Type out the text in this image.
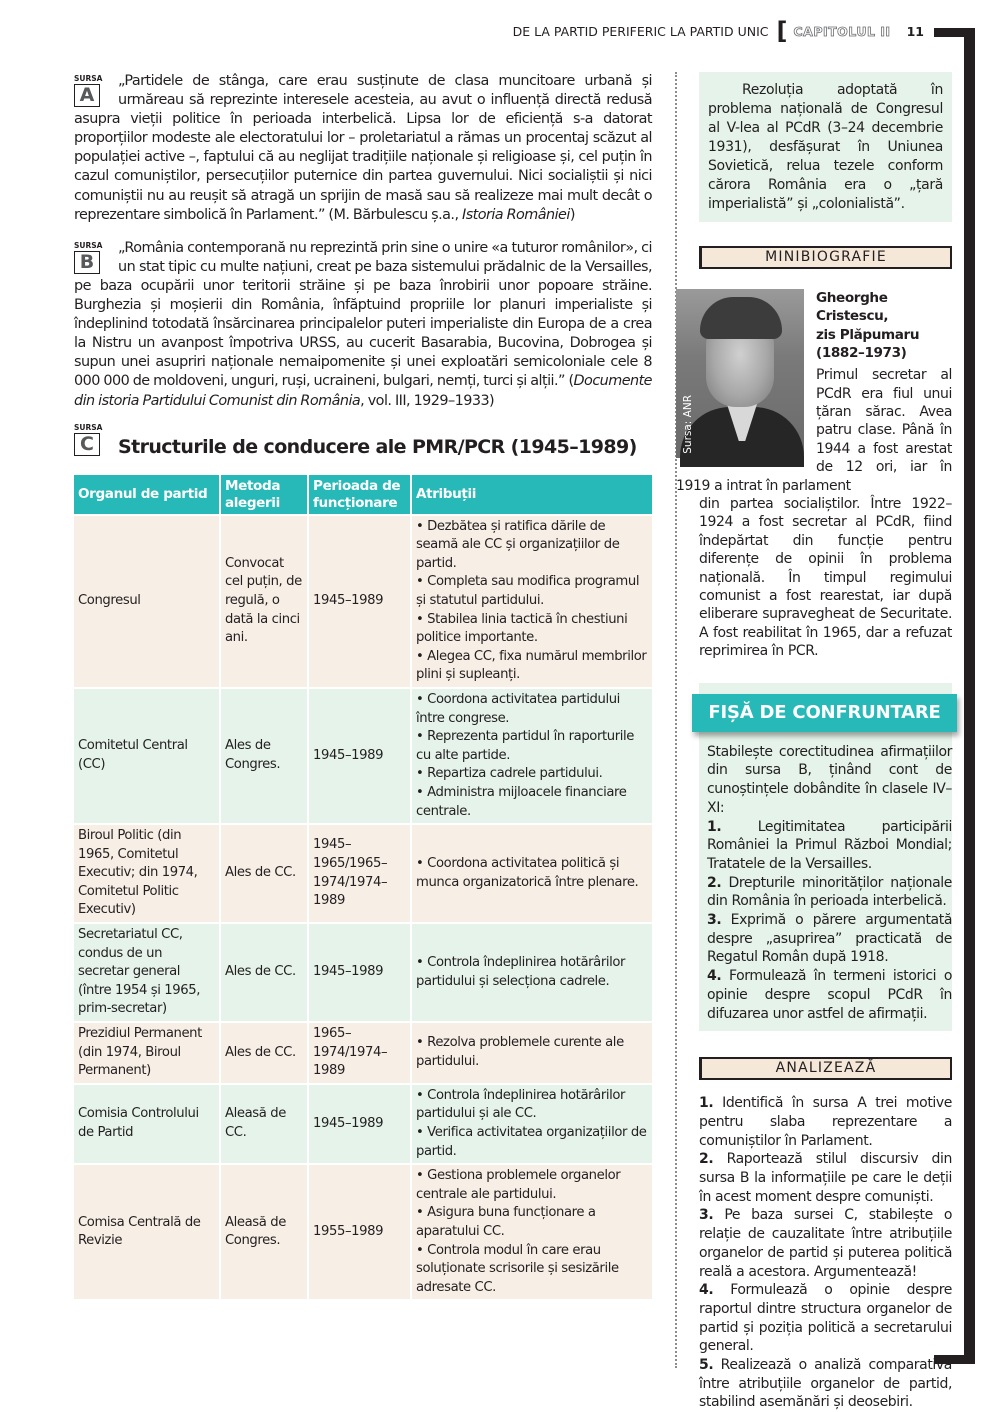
DE LA PARTID PERIFERIC LA PARTID UNIC [ CAPITOLUL II 11
SURSA
A
„Partidele de stânga, care erau susținute de clasa muncitoare urbană și urmăreau să reprezinte interesele acesteia, au avut o influență directă redusă asupra vieții politice în perioada interbelică. Lipsa lor de eficiență s-a datorat proporțiilor modeste ale electoratului lor – proletariatul a rămas un procentaj scăzut al populației active –, faptului că au neglijat tradițiile naționale și religioase și, cel puțin în cazul comuniștilor, persecuțiilor puternice din partea guvernului. Nici socialiștii și nici comuniștii nu au reușit să atragă un sprijin de masă sau să realizeze mai mult decât o reprezentare simbolică în Parlament.” (M. Bărbulescu ș.a., Istoria României)
SURSA
B
„România contemporană nu reprezintă prin sine o unire «a tuturor românilor», ci un stat tipic cu multe națiuni, creat pe baza sistemului prădalnic de la Versailles, pe baza ocupării unor teritorii străine și pe baza înrobirii unor popoare străine. Burghezia și moșierii din România, înfăptuind propriile lor planuri imperialiste și îndeplinind totodată însărcinarea principalelor puteri imperialiste din Europa de a crea la Nistru un avanpost împotriva URSS, au cucerit Basarabia, Bucovina, Dobrogea și supun unei asupriri naționale nemaipomenite și unei exploatări semicoloniale cele 8 000 000 de moldoveni, unguri, ruși, ucraineni, bulgari, nemți, turci și alții.” (Documente din istoria Partidului Comunist din România, vol. III, 1929–1933)
SURSA
C	Structurile de conducere ale PMR/PCR (1945–1989)
Organul de partid	Metoda alegerii	Perioada de funcționare	Atribuții
Congresul	Convocat cel puțin, de regulă, o dată la cinci ani.	1945–1989	• Dezbătea și ratifica dările de seamă ale CC și organizațiilor de partid.
• Completa sau modifica programul și statutul partidului.
• Stabilea linia tactică în chestiuni politice importante.
• Alegea CC, fixa numărul membrilor plini și supleanți.

Comitetul Central (CC)	Ales de Congres.	1945–1989	• Coordona activitatea partidului între congrese.
• Reprezenta partidul în raporturile cu alte partide.
• Repartiza cadrele partidului.
• Administra mijloacele financiare centrale.

Biroul Politic (din 1965, Comitetul Executiv; din 1974, Comitetul Politic Executiv)	Ales de CC.	1945– 1965/1965– 1974/1974– 1989	• Coordona activitatea politică și munca organizatorică între plenare.

Secretariatul CC, condus de un secretar general (între 1954 și 1965, prim-secretar)	Ales de CC.	1945–1989	• Controla îndeplinirea hotărârilor partidului și selecționa cadrele.

Prezidiul Permanent (din 1974, Biroul Permanent)	Ales de CC.	1965– 1974/1974– 1989	• Rezolva problemele curente ale partidului.

Comisia Controlului de Partid	Aleasă de CC.	1945–1989	• Controla îndeplinirea hotărârilor partidului și ale CC.
• Verifica activitatea organizațiilor de partid.

Comisa Centrală de Revizie	Aleasă de Congres.	1955–1989	• Gestiona problemele organelor centrale ale partidului.
• Asigura buna funcționare a aparatului CC.
• Controla modul în care erau soluționate scrisorile și sesizările adresate CC.
Rezoluția adoptată în problema națională de Congresul al V-lea al PCdR (3–24 decembrie 1931), desfășurat în Uniunea Sovietică, relua tezele conform cărora România era o „țară imperialistă” și „colonialistă”.
MINIBIOGRAFIE
Sursa: ANR
Gheorghe Cristescu,
zis Plăpumaru
(1882–1973)
Primul secretar al PCdR era fiul unui țăran sărac. Avea patru clase. Până în 1944 a fost arestat de 12 ori, iar în 1919 a intrat în parlament
din partea socialiștilor. Între 1922–1924 a fost secretar al PCdR, fiind îndepărtat din funcție pentru diferențe de opinii în problema națională. În timpul regimului comunist a fost rearestat, iar după eliberare supravegheat de Securitate. A fost reabilitat în 1965, dar a refuzat reprimirea în PCR.
FIȘĂ DE CONFRUNTARE
Stabilește corectitudinea afirmațiilor din sursa B, ținând cont de cunoștințele dobândite în clasele IV–XI:
1.	Legitimitatea participării României la Primul Război Mondial; Tratatele de la Versailles.
2. Drepturile minorităților naționale din România în perioada interbelică.
3. Exprimă o părere argumentată despre „asuprirea” practicată de Regatul Român după 1918.
4. Formulează în termeni istorici o opinie despre scopul PCdR în difuzarea unor astfel de afirmații.
ANALIZEAZĂ
1. Identifică în sursa A trei motive pentru slaba reprezentare a comuniștilor în Parlament.
2. Raportează stilul discursiv din sursa B la informațiile pe care le deții în acest moment despre comuniști.
3. Pe baza sursei C, stabilește o relație de cauzalitate între atribuțiile organelor de partid și puterea politică reală a acestora. Argumentează!
4. Formulează o opinie despre raportul dintre structura organelor de partid și poziția politică a secretarului general.
5. Realizează o analiză comparativă între atribuțiile organelor de partid, stabilind asemănări și deosebiri.
